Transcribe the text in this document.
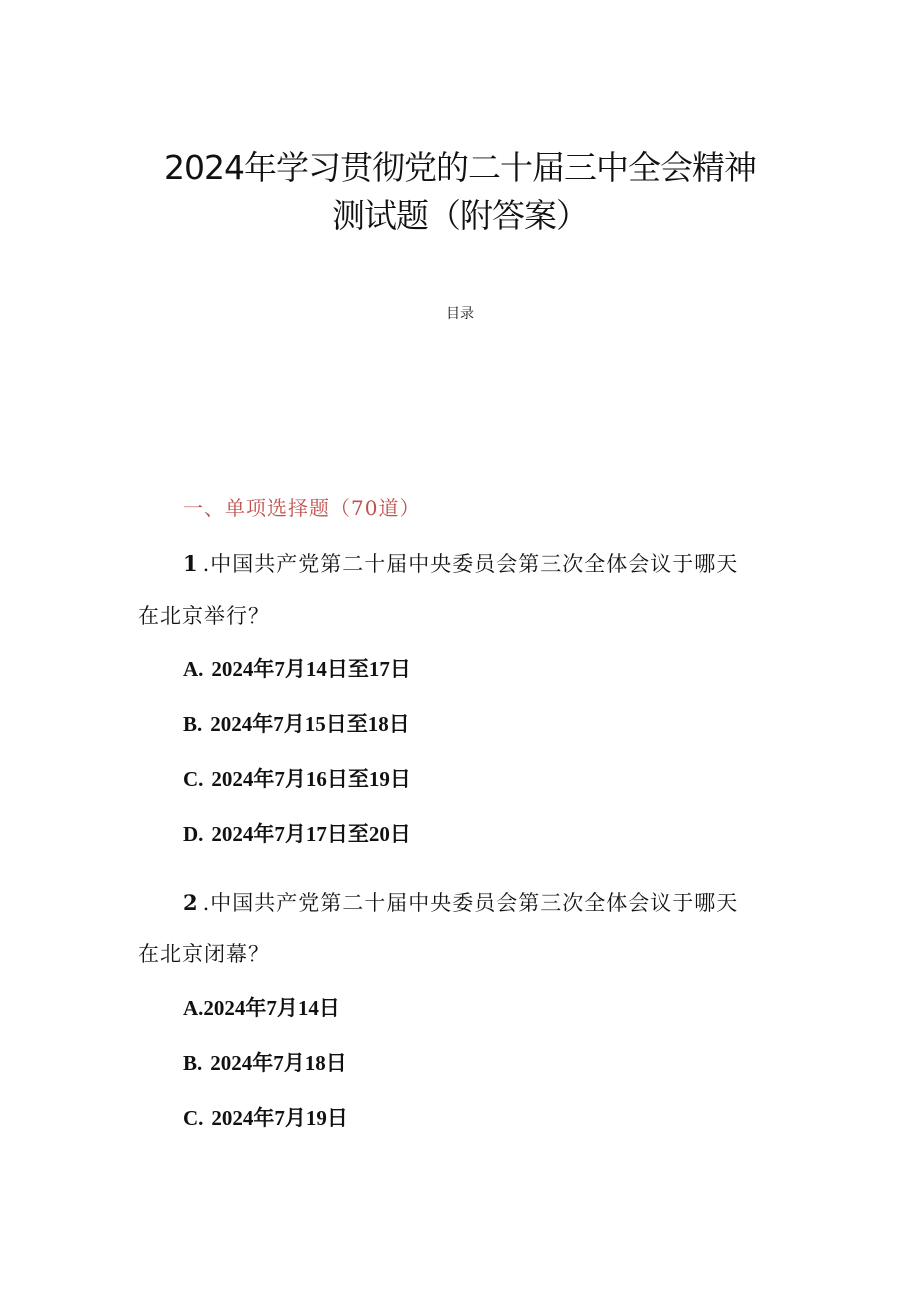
2024年学习贯彻党的二十届三中全会精神
测试题（附答案）
目录
一、单项选择题（70道）
1 .中国共产党第二十届中央委员会第三次全体会议于哪天
在北京举行？
A. 2024年7月14日至17日
B. 2024年7月15日至18日
C. 2024年7月16日至19日
D. 2024年7月17日至20日
2 .中国共产党第二十届中央委员会第三次全体会议于哪天
在北京闭幕？
A.2024年7月14日
B. 2024年7月18日
C. 2024年7月19日
